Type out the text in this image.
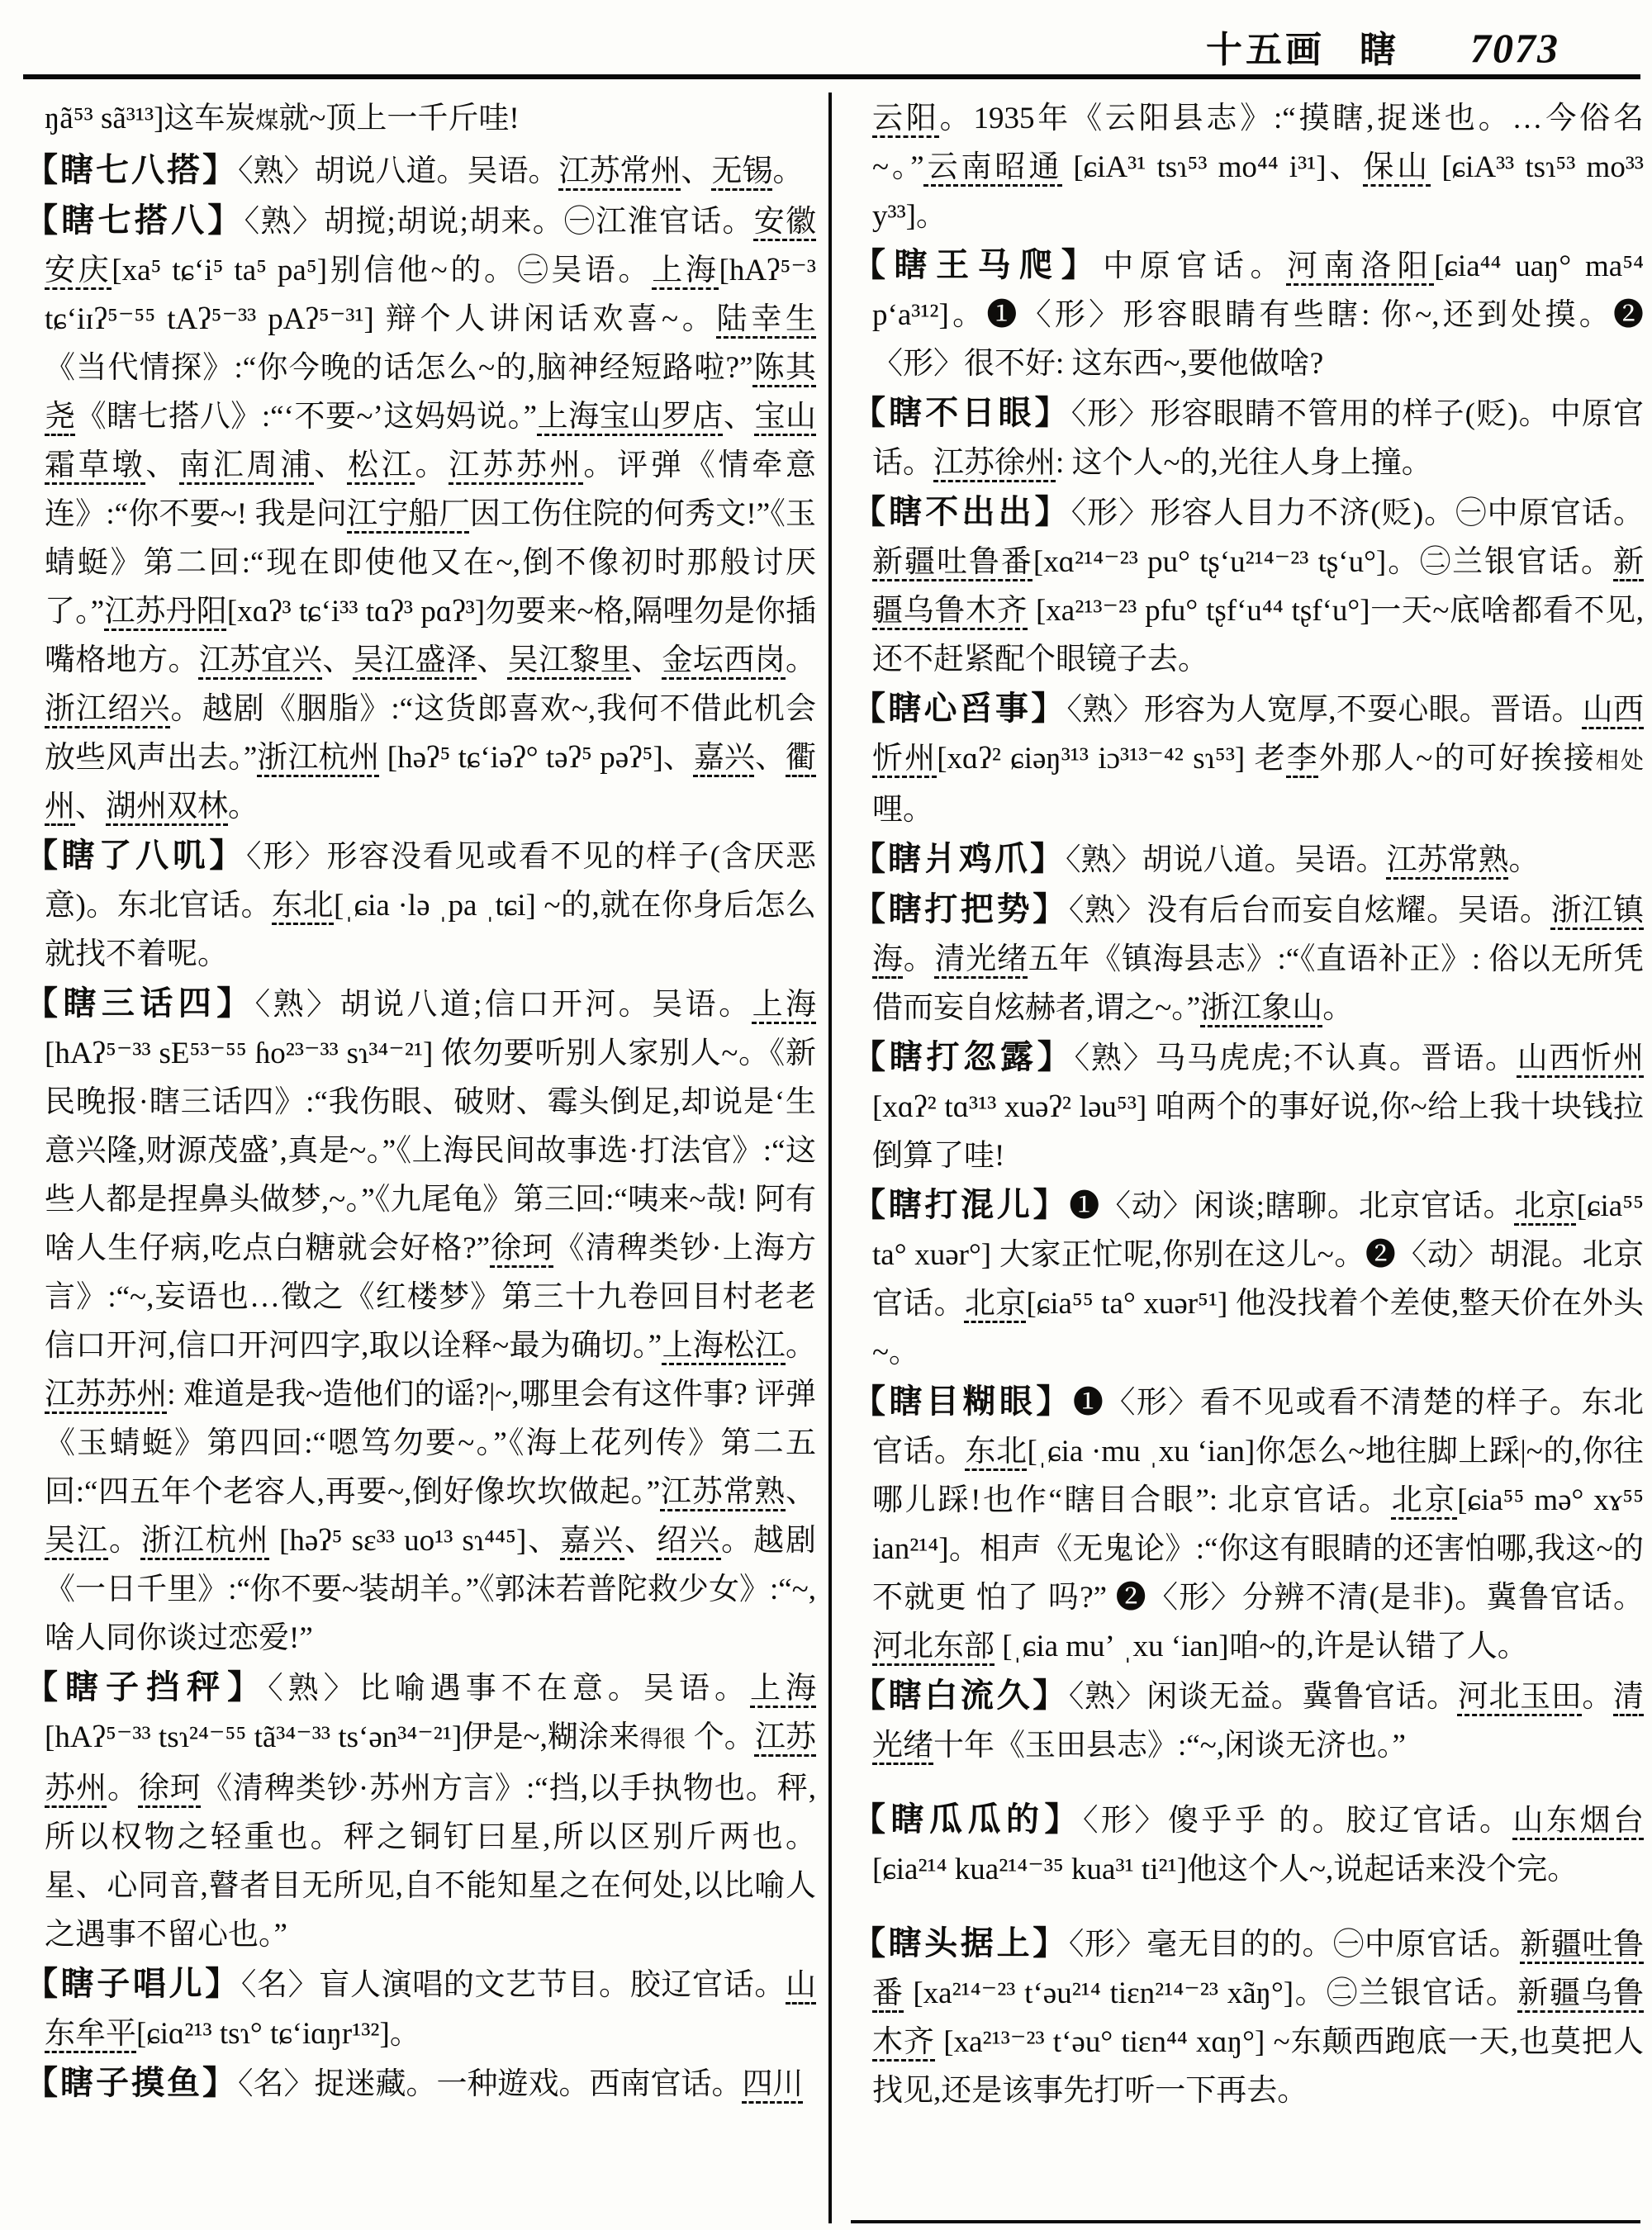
十五画 瞎 7073
ŋã⁵³ sã³¹³]这车炭煤就~顶上一千斤哇!
【瞎七八搭】〈熟〉胡说八道。吴语。江苏常州、无锡。
【瞎七搭八】〈熟〉胡搅;胡说;胡来。㊀江淮官话。安徽安庆[xa⁵ tɕʻi⁵ ta⁵ pa⁵]别信他~的。㊁吴语。上海[hAʔ⁵⁻³ tɕʻiɪʔ⁵⁻⁵⁵ tAʔ⁵⁻³³ pAʔ⁵⁻³¹] 辩个人讲闲话欢喜~。陆幸生《当代情探》:“你今晚的话怎么~的,脑神经短路啦?”陈其尧《瞎七搭八》:“‘不要~’这妈妈说。”上海宝山罗店、宝山霜草墩、南汇周浦、松江。江苏苏州。评弹《情牵意连》:“你不要~! 我是问江宁船厂因工伤住院的何秀文!”《玉蜻蜓》第二回:“现在即使他又在~,倒不像初时那般讨厌了。”江苏丹阳[xɑʔ³ tɕʻi³³ tɑʔ³ pɑʔ³]勿要来~格,隔哩勿是你插嘴格地方。江苏宜兴、吴江盛泽、吴江黎里、金坛西岗。浙江绍兴。越剧《胭脂》:“这货郎喜欢~,我何不借此机会放些风声出去。”浙江杭州 [həʔ⁵ tɕʻiəʔ° təʔ⁵ pəʔ⁵]、嘉兴、衢州、湖州双林。
【瞎了八叽】〈形〉形容没看见或看不见的样子(含厌恶意)。东北官话。东北[ˌɕia ·lə ˌpa ˌtɕi] ~的,就在你身后怎么就找不着呢。
【瞎三话四】〈熟〉胡说八道;信口开河。吴语。上海[hAʔ⁵⁻³³ sE⁵³⁻⁵⁵ ɦo²³⁻³³ sɿ³⁴⁻²¹] 侬勿要听别人家别人~。《新民晚报·瞎三话四》:“我伤眼、破财、霉头倒足,却说是‘生意兴隆,财源茂盛’,真是~。”《上海民间故事选·打法官》:“这些人都是捏鼻头做梦,~。”《九尾龟》第三回:“咦来~哉! 阿有啥人生仔病,吃点白糖就会好格?”徐珂《清稗类钞·上海方言》:“~,妄语也…徵之《红楼梦》第三十九卷回目村老老信口开河,信口开河四字,取以诠释~最为确切。”上海松江。江苏苏州: 难道是我~造他们的谣?|~,哪里会有这件事? 评弹《玉蜻蜓》第四回:“嗯笃勿要~。”《海上花列传》第二五回:“四五年个老容人,再要~,倒好像坎坎做起。”江苏常熟、吴江。浙江杭州 [həʔ⁵ sɛ³³ uo¹³ sɿ⁴⁴⁵]、嘉兴、绍兴。越剧《一日千里》:“你不要~装胡羊。”《郭沫若普陀救少女》:“~,啥人同你谈过恋爱!”
【瞎子挡秤】〈熟〉比喻遇事不在意。吴语。上海[hAʔ⁵⁻³³ tsɿ²⁴⁻⁵⁵ tã³⁴⁻³³ tsʻən³⁴⁻²¹]伊是~,糊涂来得很 个。江苏苏州。徐珂《清稗类钞·苏州方言》:“挡,以手执物也。秤,所以权物之轻重也。秤之铜钉曰星,所以区别斤两也。星、心同音,瞽者目无所见,自不能知星之在何处,以比喻人之遇事不留心也。”
【瞎子唱儿】〈名〉盲人演唱的文艺节目。胶辽官话。山东牟平[ɕiɑ²¹³ tsɿ° tɕʻiɑŋr¹³²]。
【瞎子摸鱼】〈名〉捉迷藏。一种遊戏。西南官话。四川
云阳。1935年《云阳县志》:“摸瞎,捉迷也。…今俗名~。”云南昭通 [ɕiA³¹ tsɿ⁵³ mo⁴⁴ i³¹]、保山 [ɕiA³³ tsɿ⁵³ mo³³ y³³]。
【瞎王马爬】中原官话。河南洛阳[ɕia⁴⁴ uaŋ° ma⁵⁴ pʻa³¹²]。❶〈形〉形容眼睛有些瞎: 你~,还到处摸。❷〈形〉很不好: 这东西~,要他做啥?
【瞎不日眼】〈形〉形容眼睛不管用的样子(贬)。中原官话。江苏徐州: 这个人~的,光往人身上撞。
【瞎不出出】〈形〉形容人目力不济(贬)。㊀中原官话。新疆吐鲁番[xɑ²¹⁴⁻²³ pu° tʂʻu²¹⁴⁻²³ tʂʻu°]。㊁兰银官话。新疆乌鲁木齐 [xa²¹³⁻²³ pfu° tʂfʻu⁴⁴ tʂfʻu°]一天~底啥都看不见,还不赶紧配个眼镜子去。
【瞎心舀事】〈熟〉形容为人宽厚,不耍心眼。晋语。山西忻州[xɑʔ² ɕiəŋ³¹³ iɔ³¹³⁻⁴² sɿ⁵³] 老李外那人~的可好挨接相处哩。
【瞎爿鸡爪】〈熟〉胡说八道。吴语。江苏常熟。
【瞎打把势】〈熟〉没有后台而妄自炫耀。吴语。浙江镇海。清光绪五年《镇海县志》:“《直语补正》: 俗以无所凭借而妄自炫赫者,谓之~。”浙江象山。
【瞎打忽露】〈熟〉马马虎虎;不认真。晋语。山西忻州[xɑʔ² tɑ³¹³ xuəʔ² ləu⁵³] 咱两个的事好说,你~给上我十块钱拉倒算了哇!
【瞎打混儿】❶〈动〉闲谈;瞎聊。北京官话。北京[ɕia⁵⁵ ta° xuər°] 大家正忙呢,你别在这儿~。❷〈动〉胡混。北京官话。北京[ɕia⁵⁵ ta° xuər⁵¹] 他没找着个差使,整天价在外头~。
【瞎目糊眼】❶〈形〉看不见或看不清楚的样子。东北官话。东北[ˌɕia ·mu ˌxu ʻian]你怎么~地往脚上踩|~的,你往哪儿踩!也作“瞎目合眼”: 北京官话。北京[ɕia⁵⁵ mə° xɤ⁵⁵ ian²¹⁴]。相声《无鬼论》:“你这有眼睛的还害怕哪,我这~的不就更 怕了 吗?” ❷〈形〉分辨不清(是非)。冀鲁官话。河北东部 [ˌɕia muʼ ˌxu ʻian]咱~的,许是认错了人。
【瞎白流久】〈熟〉闲谈无益。冀鲁官话。河北玉田。清光绪十年《玉田县志》:“~,闲谈无济也。”
【瞎瓜瓜的】〈形〉傻乎乎 的。胶辽官话。山东烟台 [ɕia²¹⁴ kua²¹⁴⁻³⁵ kua³¹ ti²¹]他这个人~,说起话来没个完。
【瞎头据上】〈形〉毫无目的的。㊀中原官话。新疆吐鲁番 [xa²¹⁴⁻²³ tʻəu²¹⁴ tiɛn²¹⁴⁻²³ xãŋ°]。㊁兰银官话。新疆乌鲁木齐 [xa²¹³⁻²³ tʻəu° tiɛn⁴⁴ xɑŋ°] ~东颠西跑底一天,也莫把人找见,还是该事先打听一下再去。
